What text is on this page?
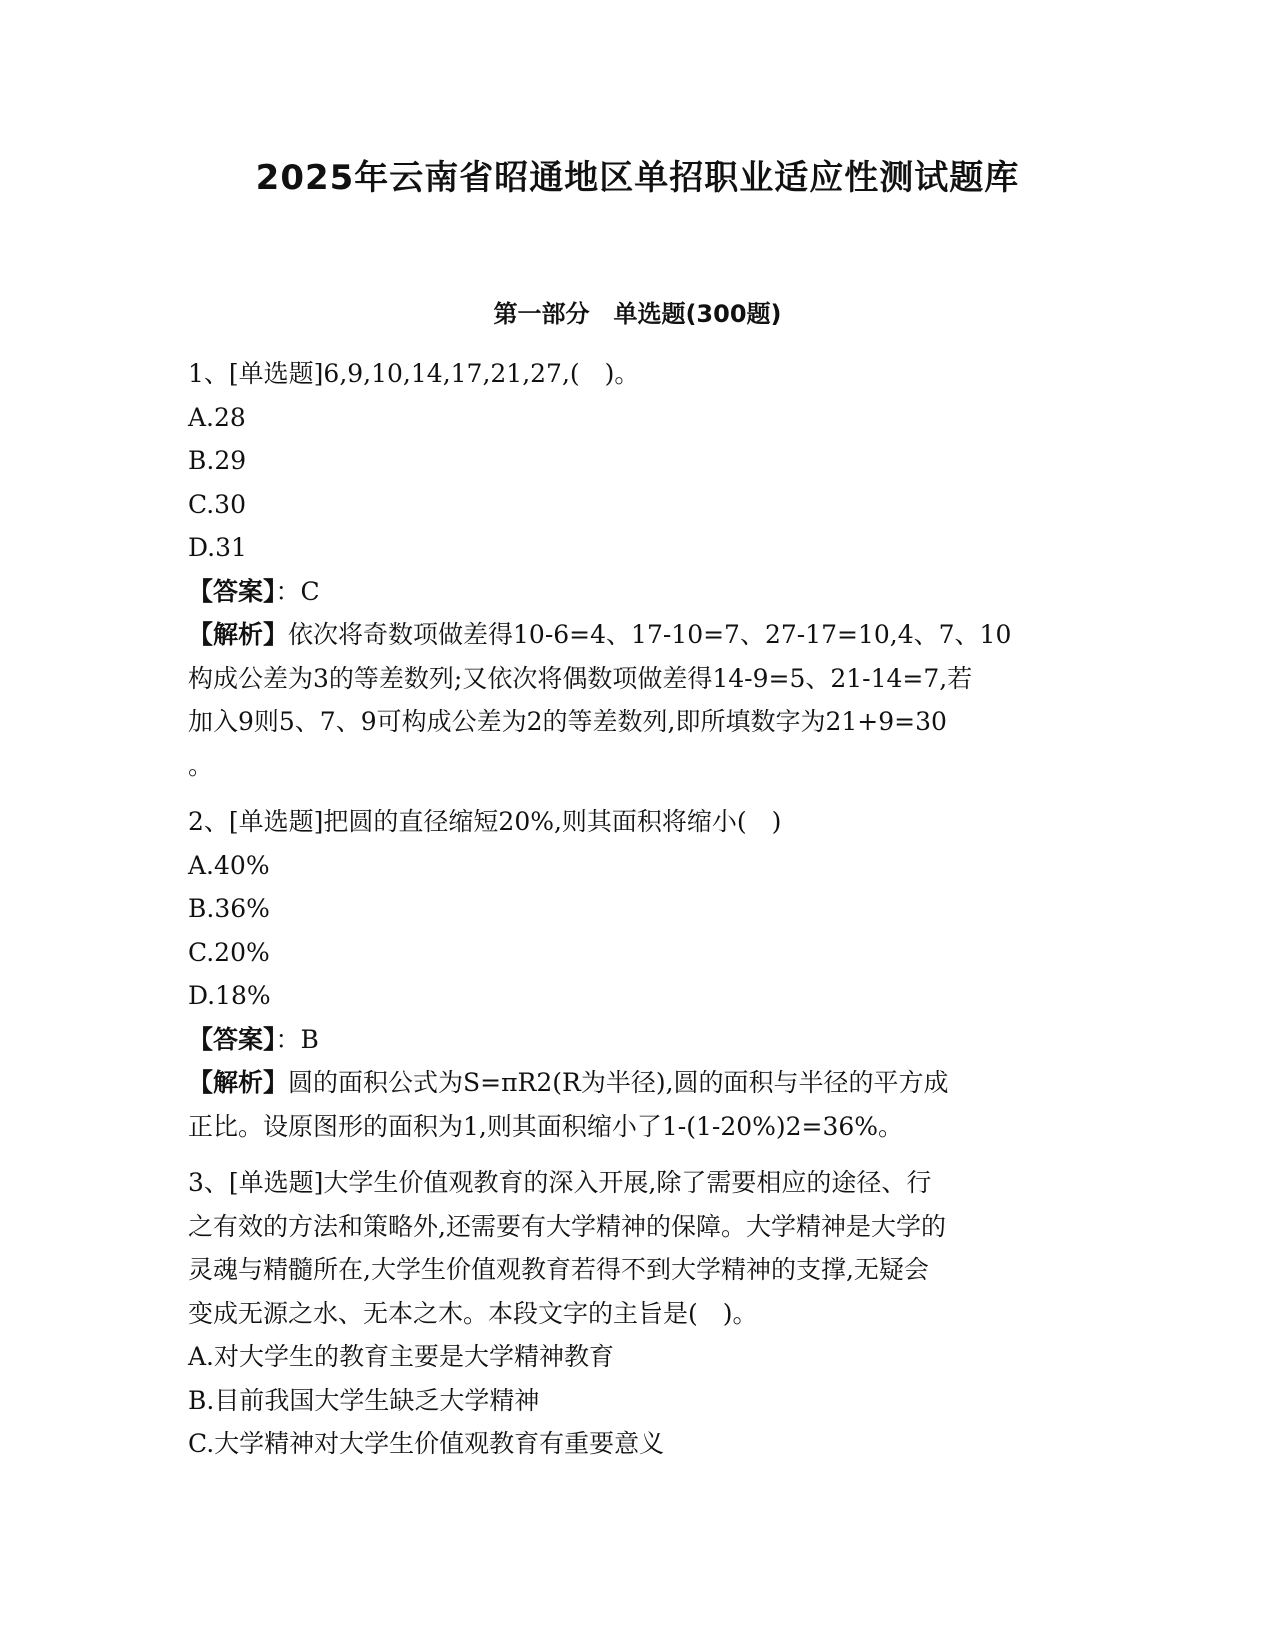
2025年云南省昭通地区单招职业适应性测试题库
第一部分　单选题(300题)

1、[单选题]6,9,10,14,17,21,27,(　)。

A.28

B.29

C.30

D.31

【答案】：C

【解析】依次将奇数项做差得10-6=4、17-10=7、27-17=10,4、7、10
构成公差为3的等差数列;又依次将偶数项做差得14-9=5、21-14=7,若
加入9则5、7、9可构成公差为2的等差数列,即所填数字为21+9=30
。

2、[单选题]把圆的直径缩短20%,则其面积将缩小(　)

A.40%

B.36%

C.20%

D.18%

【答案】：B

【解析】圆的面积公式为S=πR2(R为半径),圆的面积与半径的平方成
正比。设原图形的面积为1,则其面积缩小了1-(1-20%)2=36%。

3、[单选题]大学生价值观教育的深入开展,除了需要相应的途径、行
之有效的方法和策略外,还需要有大学精神的保障。大学精神是大学的
灵魂与精髓所在,大学生价值观教育若得不到大学精神的支撑,无疑会
变成无源之水、无本之木。本段文字的主旨是(　)。

A.对大学生的教育主要是大学精神教育

B.目前我国大学生缺乏大学精神

C.大学精神对大学生价值观教育有重要意义
